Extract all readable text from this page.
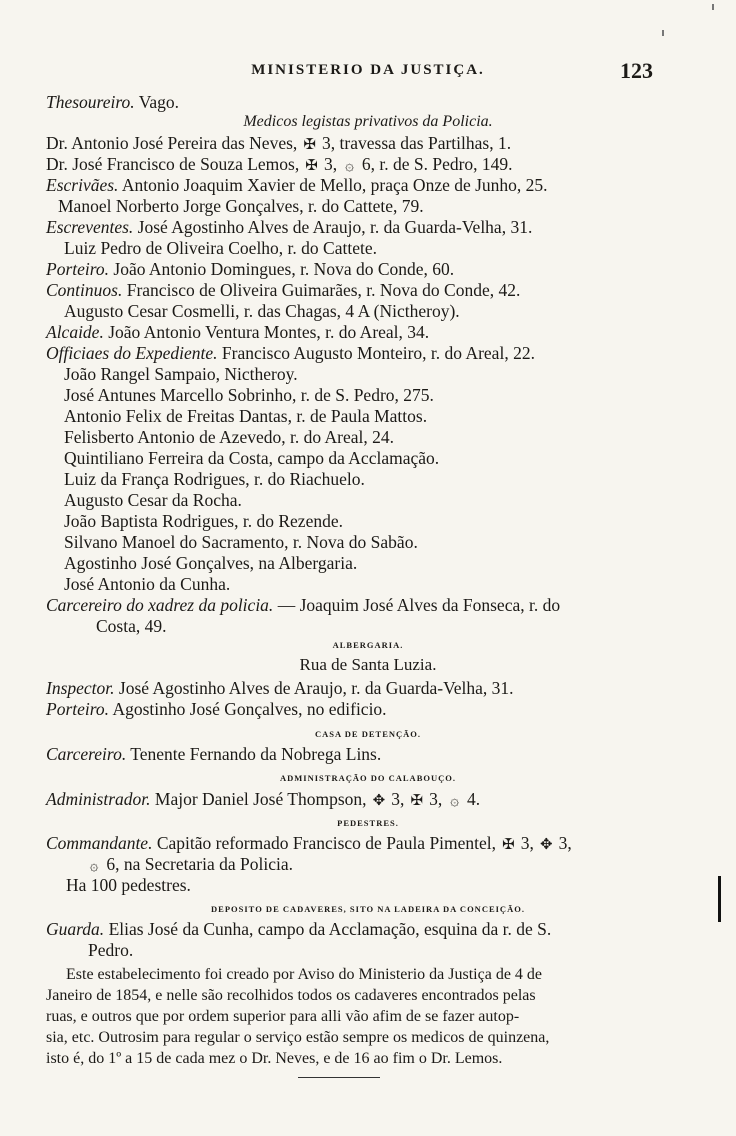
MINISTERIO DA JUSTIÇA.	123
Thesoureiro. Vago.
Medicos legistas privativos da Policia.
Dr. Antonio José Pereira das Neves, ✠ 3, travessa das Partilhas, 1.
Dr. José Francisco de Souza Lemos, ✠ 3, ۞ 6, r. de S. Pedro, 149.
Escrivães. Antonio Joaquim Xavier de Mello, praça Onze de Junho, 25.
Manoel Norberto Jorge Gonçalves, r. do Cattete, 79.
Escreventes. José Agostinho Alves de Araujo, r. da Guarda-Velha, 31.
Luiz Pedro de Oliveira Coelho, r. do Cattete.
Porteiro. João Antonio Domingues, r. Nova do Conde, 60.
Continuos. Francisco de Oliveira Guimarães, r. Nova do Conde, 42.
Augusto Cesar Cosmelli, r. das Chagas, 4 A (Nictheroy).
Alcaide. João Antonio Ventura Montes, r. do Areal, 34.
Officiaes do Expediente. Francisco Augusto Monteiro, r. do Areal, 22.
João Rangel Sampaio, Nictheroy.
José Antunes Marcello Sobrinho, r. de S. Pedro, 275.
Antonio Felix de Freitas Dantas, r. de Paula Mattos.
Felisberto Antonio de Azevedo, r. do Areal, 24.
Quintiliano Ferreira da Costa, campo da Acclamação.
Luiz da França Rodrigues, r. do Riachuelo.
Augusto Cesar da Rocha.
João Baptista Rodrigues, r. do Rezende.
Silvano Manoel do Sacramento, r. Nova do Sabão.
Agostinho José Gonçalves, na Albergaria.
José Antonio da Cunha.
Carcereiro do xadrez da policia. — Joaquim José Alves da Fonseca, r. do
Costa, 49.
ALBERGARIA.
Rua de Santa Luzia.
Inspector. José Agostinho Alves de Araujo, r. da Guarda-Velha, 31.
Porteiro. Agostinho José Gonçalves, no edificio.
CASA DE DETENÇÃO.
Carcereiro. Tenente Fernando da Nobrega Lins.
ADMINISTRAÇÃO DO CALABOUÇO.
Administrador. Major Daniel José Thompson, ✥ 3, ✠ 3, ۞ 4.
PEDESTRES.
Commandante. Capitão reformado Francisco de Paula Pimentel, ✠ 3, ✥ 3,
۞ 6, na Secretaria da Policia.
Ha 100 pedestres.
DEPOSITO DE CADAVERES, SITO NA LADEIRA DA CONCEIÇÃO.
Guarda. Elias José da Cunha, campo da Acclamação, esquina da r. de S.
Pedro.
Este estabelecimento foi creado por Aviso do Ministerio da Justiça de 4 de
Janeiro de 1854, e nelle são recolhidos todos os cadaveres encontrados pelas
ruas, e outros que por ordem superior para alli vão afim de se fazer autop-
sia, etc. Outrosim para regular o serviço estão sempre os medicos de quinzena,
isto é, do 1º a 15 de cada mez o Dr. Neves, e de 16 ao fim o Dr. Lemos.
